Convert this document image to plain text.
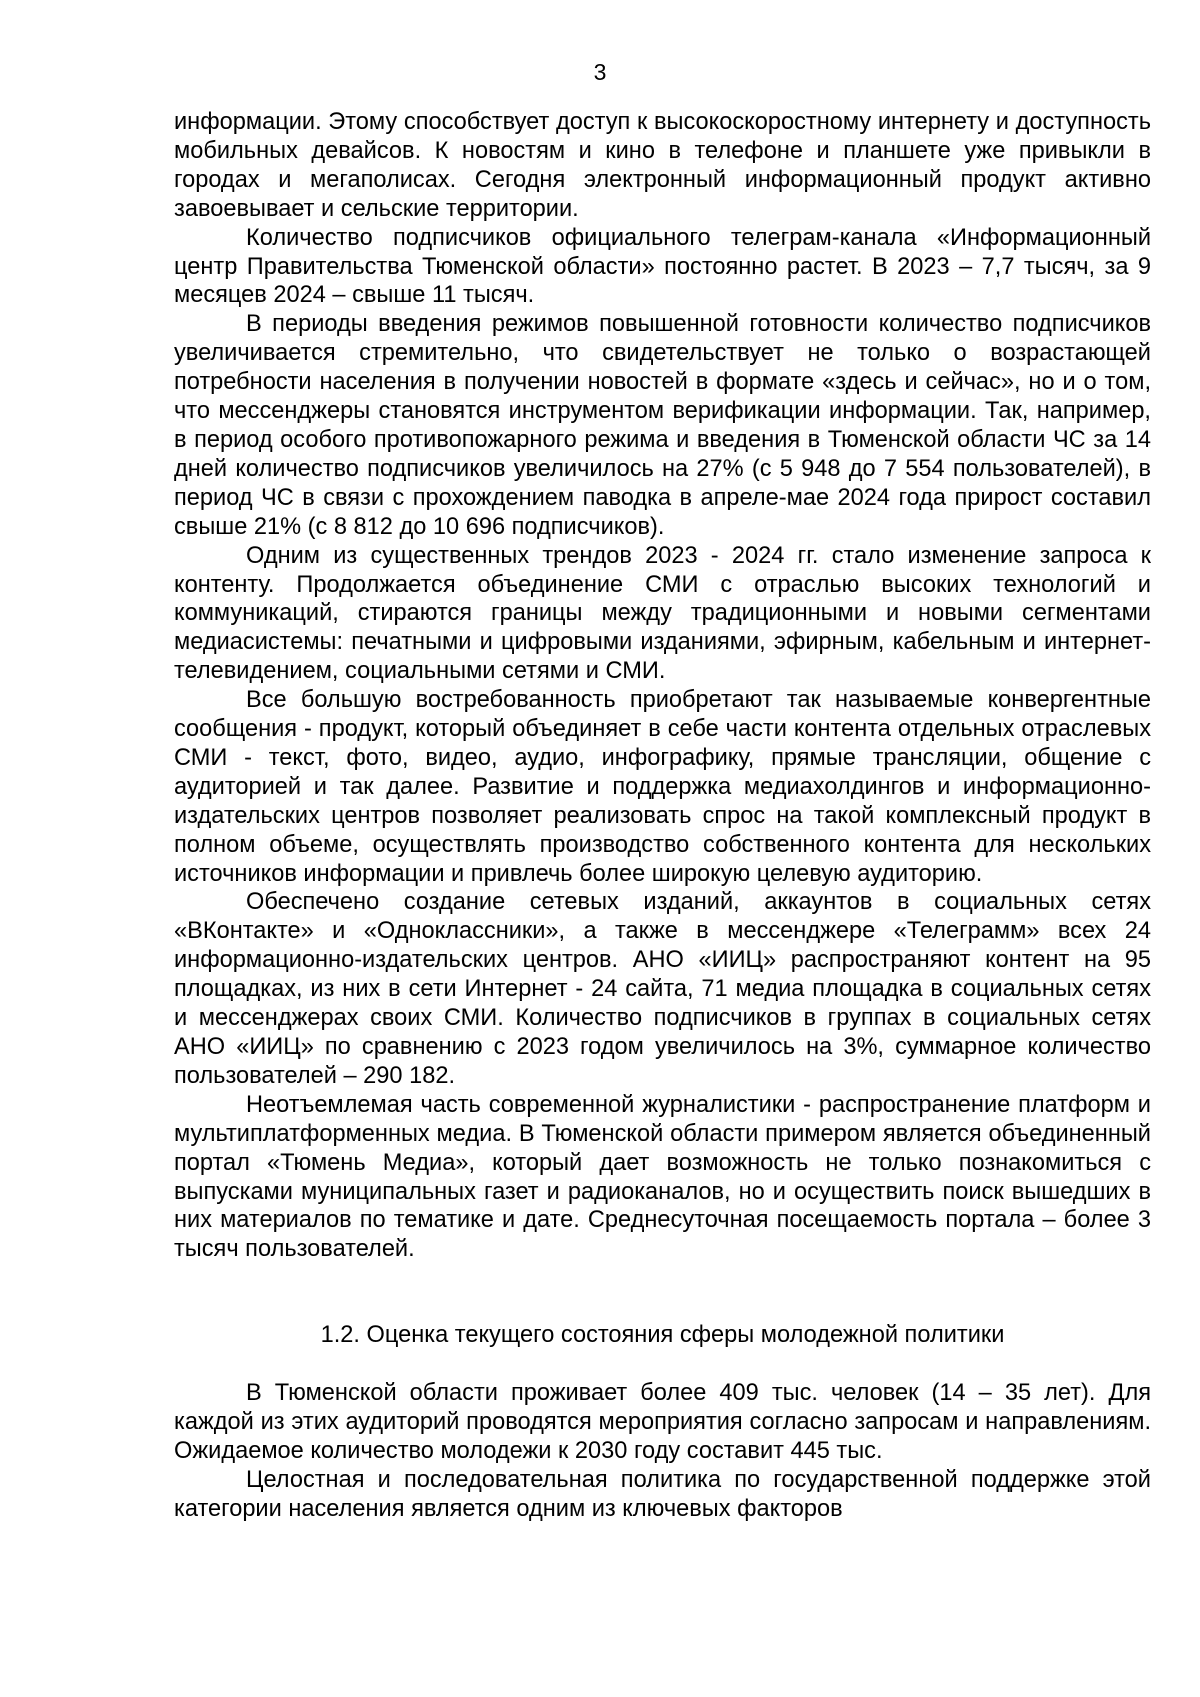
3

информации. Этому способствует доступ к высокоскоростному интернету и доступность мобильных девайсов. К новостям и кино в телефоне и планшете уже привыкли в городах и мегаполисах. Сегодня электронный информационный продукт активно завоевывает и сельские территории.

Количество подписчиков официального телеграм-канала «Информационный центр Правительства Тюменской области» постоянно растет. В 2023 – 7,7 тысяч, за 9 месяцев 2024 – свыше 11 тысяч.

В периоды введения режимов повышенной готовности количество подписчиков увеличивается стремительно, что свидетельствует не только о возрастающей потребности населения в получении новостей в формате «здесь и сейчас», но и о том, что мессенджеры становятся инструментом верификации информации. Так, например, в период особого противопожарного режима и введения в Тюменской области ЧС за 14 дней количество подписчиков увеличилось на 27% (с 5 948 до 7 554 пользователей), в период ЧС в связи с прохождением паводка в апреле-мае 2024 года прирост составил свыше 21% (с 8 812 до 10 696 подписчиков).

Одним из существенных трендов 2023 - 2024 гг. стало изменение запроса к контенту. Продолжается объединение СМИ с отраслью высоких технологий и коммуникаций, стираются границы между традиционными и новыми сегментами медиасистемы: печатными и цифровыми изданиями, эфирным, кабельным и интернет-телевидением, социальными сетями и СМИ.

Все большую востребованность приобретают так называемые конвергентные сообщения - продукт, который объединяет в себе части контента отдельных отраслевых СМИ - текст, фото, видео, аудио, инфографику, прямые трансляции, общение с аудиторией и так далее. Развитие и поддержка медиахолдингов и информационно-издательских центров позволяет реализовать спрос на такой комплексный продукт в полном объеме, осуществлять производство собственного контента для нескольких источников информации и привлечь более широкую целевую аудиторию.

Обеспечено создание сетевых изданий, аккаунтов в социальных сетях «ВКонтакте» и «Одноклассники», а также в мессенджере «Телеграмм» всех 24 информационно-издательских центров. АНО «ИИЦ» распространяют контент на 95 площадках, из них в сети Интернет - 24 сайта, 71 медиа площадка в социальных сетях и мессенджерах своих СМИ. Количество подписчиков в группах в социальных сетях АНО «ИИЦ» по сравнению с 2023 годом увеличилось на 3%, суммарное количество пользователей – 290 182.

Неотъемлемая часть современной журналистики - распространение платформ и мультиплатформенных медиа. В Тюменской области примером является объединенный портал «Тюмень Медиа», который дает возможность не только познакомиться с выпусками муниципальных газет и радиоканалов, но и осуществить поиск вышедших в них материалов по тематике и дате. Среднесуточная посещаемость портала – более 3 тысяч пользователей.

1.2. Оценка текущего состояния сферы молодежной политики

В Тюменской области проживает более 409 тыс. человек (14 – 35 лет). Для каждой из этих аудиторий проводятся мероприятия согласно запросам и направлениям. Ожидаемое количество молодежи к 2030 году составит 445 тыс.

Целостная и последовательная политика по государственной поддержке этой категории населения является одним из ключевых факторов
